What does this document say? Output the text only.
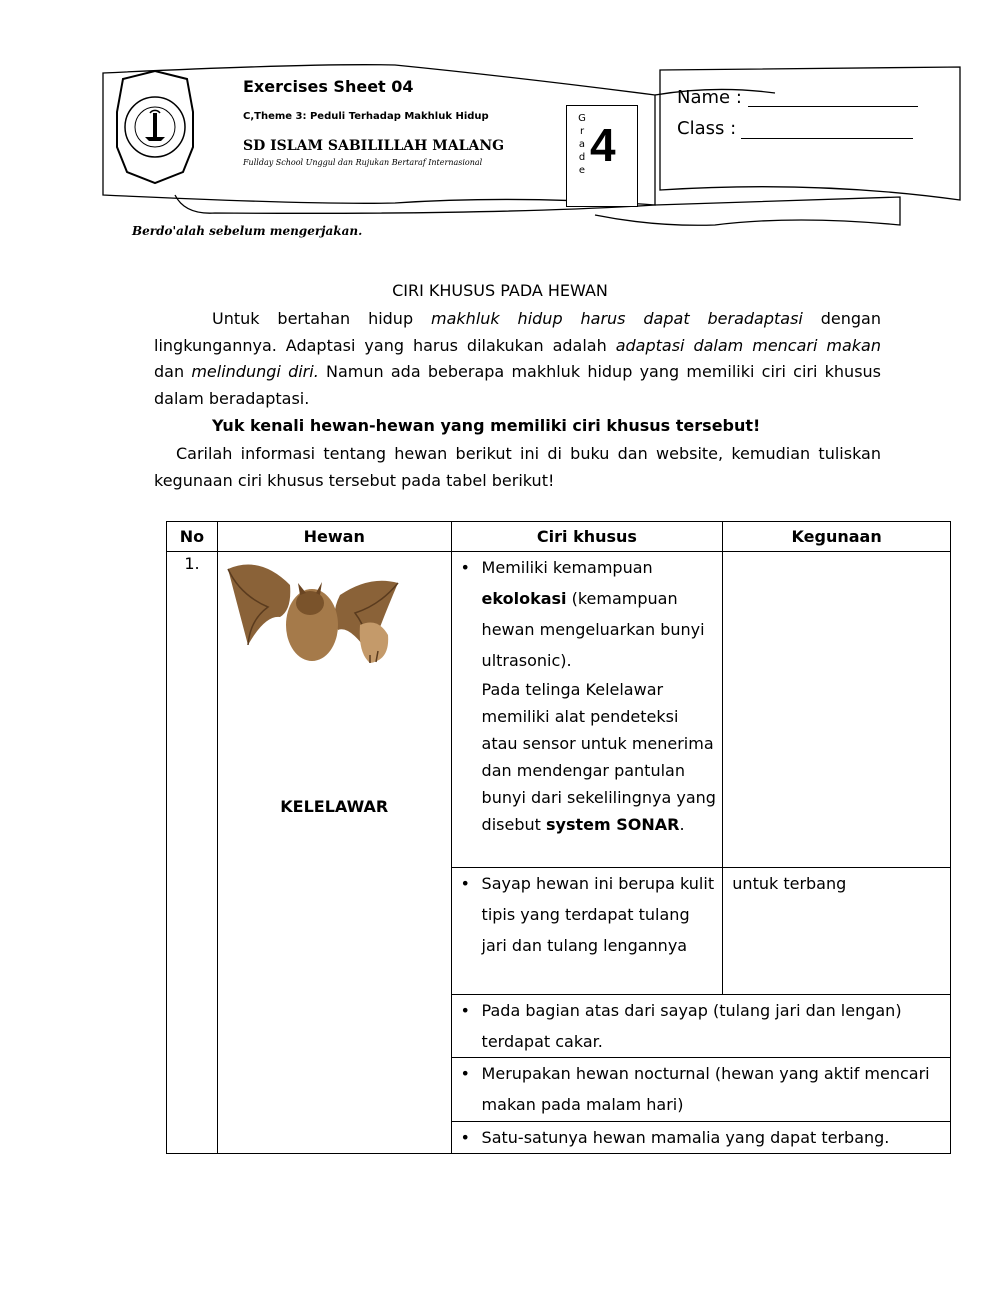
Exercises Sheet 04
C,Theme 3: Peduli Terhadap Makhluk Hidup
SD ISLAM SABILILLAH MALANG
Fullday School Unggul dan Rujukan Bertaraf Internasional
G
r
a
d
e 4
Name :
Class :
Berdo'alah sebelum mengerjakan.
CIRI KHUSUS PADA HEWAN
Untuk bertahan hidup makhluk hidup harus dapat beradaptasi dengan lingkungannya. Adaptasi yang harus dilakukan adalah adaptasi dalam mencari makan dan melindungi diri. Namun ada beberapa makhluk hidup yang memiliki ciri ciri khusus dalam beradaptasi.
Yuk kenali hewan-hewan yang memiliki ciri khusus tersebut!
Carilah informasi tentang hewan berikut ini di buku dan website, kemudian tuliskan kegunaan ciri khusus tersebut pada tabel berikut!
No	Hewan	Ciri khusus	Kegunaan
1.	KELELAWAR	• Memiliki kemampuan
ekolokasi (kemampuan hewan mengeluarkan bunyi ultrasonic).
Pada telinga Kelelawar memiliki alat pendeteksi atau sensor untuk menerima dan mendengar pantulan bunyi dari sekelilingnya yang disebut system SONAR.	

		• Sayap hewan ini berupa kulit tipis yang terdapat tulang jari dan tulang lengannya	untuk terbang

		• Pada bagian atas dari sayap (tulang jari dan lengan) terdapat cakar.	

		• Merupakan hewan nocturnal (hewan yang aktif mencari makan pada malam hari)	

		• Satu-satunya hewan mamalia yang dapat terbang.	
